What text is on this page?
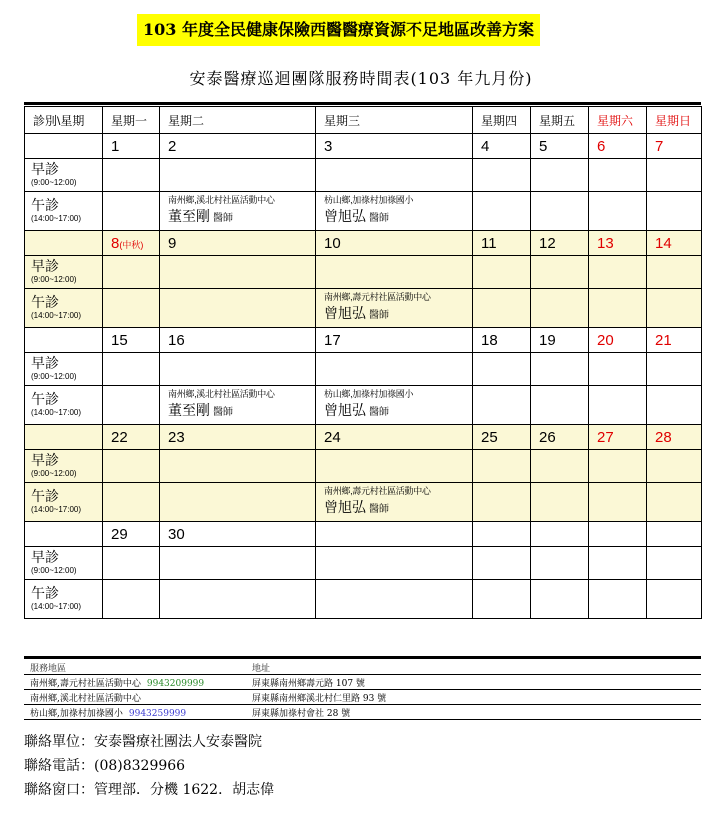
103 年度全民健康保險西醫醫療資源不足地區改善方案
安泰醫療巡迴團隊服務時間表(103 年九月份)
診別\星期	星期一	星期二	星期三	星期四	星期五	星期六	星期日
	1	2	3	4	5	6	7

早診
(9:00~12:00)							

午診
(14:00~17:00)		南州鄉,溪北村社區活動中心
董至剛 醫師	枋山鄉,加祿村加祿國小
曾旭弘 醫師				

	8(中秋)	9	10	11	12	13	14

早診
(9:00~12:00)							

午診
(14:00~17:00)			南州鄉,壽元村社區活動中心
曾旭弘 醫師				

	15	16	17	18	19	20	21

早診
(9:00~12:00)							

午診
(14:00~17:00)		南州鄉,溪北村社區活動中心
董至剛 醫師	枋山鄉,加祿村加祿國小
曾旭弘 醫師				

	22	23	24	25	26	27	28

早診
(9:00~12:00)							

午診
(14:00~17:00)			南州鄉,壽元村社區活動中心
曾旭弘 醫師				

	29	30					

早診
(9:00~12:00)							

午診
(14:00~17:00)							

服務地區	地址
南州鄉,壽元村社區活動中心 9943209999	屏東縣南州鄉壽元路 107 號
南州鄉,溪北村社區活動中心	屏東縣南州鄉溪北村仁里路 93 號
枋山鄉,加祿村加祿國小 9943259999	屏東縣加祿村會社 28 號
聯絡單位：安泰醫療社團法人安泰醫院
聯絡電話：(08)8329966
聯絡窗口：管理部．分機 1622．胡志偉
